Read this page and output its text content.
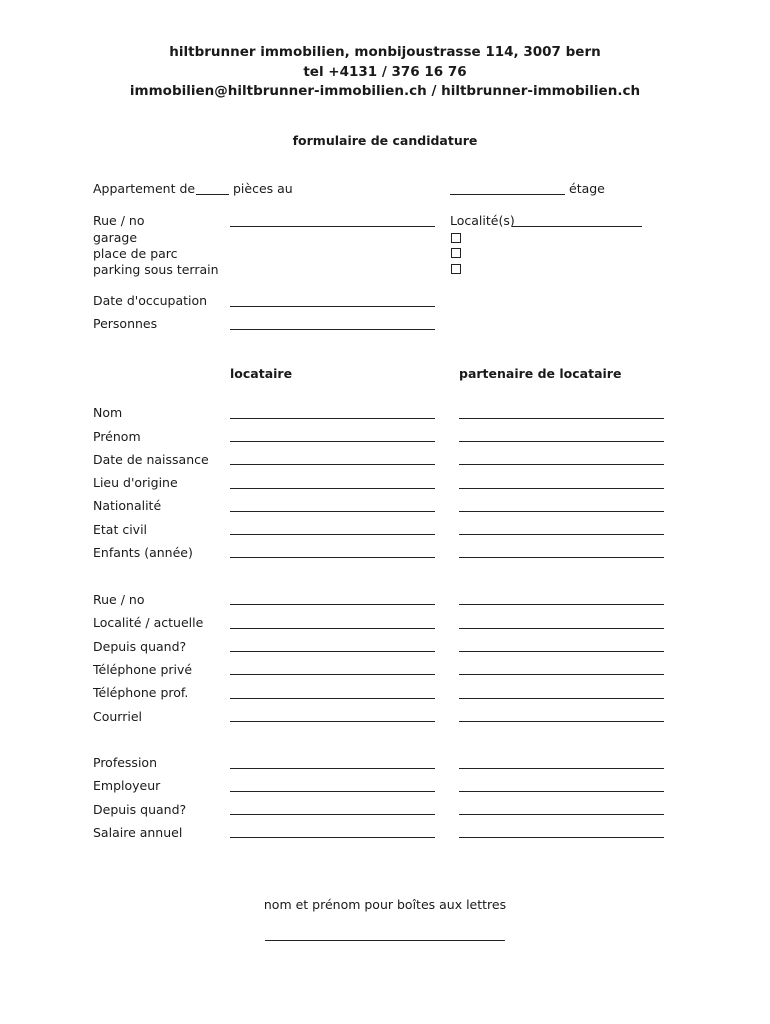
hiltbrunner immobilien, monbijoustrasse 114, 3007 bern
tel +4131 / 376 16 76
immobilien@hiltbrunner-immobilien.ch / hiltbrunner-immobilien.ch
formulaire de candidature
Appartement de	pièces au	étage
Rue / no	Localité(s)
garage
place de parc
parking sous terrain
Date d'occupation
Personnes
locataire	partenaire de locataire
Nom
Prénom
Date de naissance
Lieu d'origine
Nationalité
Etat civil
Enfants (année)
Rue / no
Localité / actuelle
Depuis quand?
Téléphone privé
Téléphone prof.
Courriel
Profession
Employeur
Depuis quand?
Salaire annuel
nom et prénom pour boîtes aux lettres
